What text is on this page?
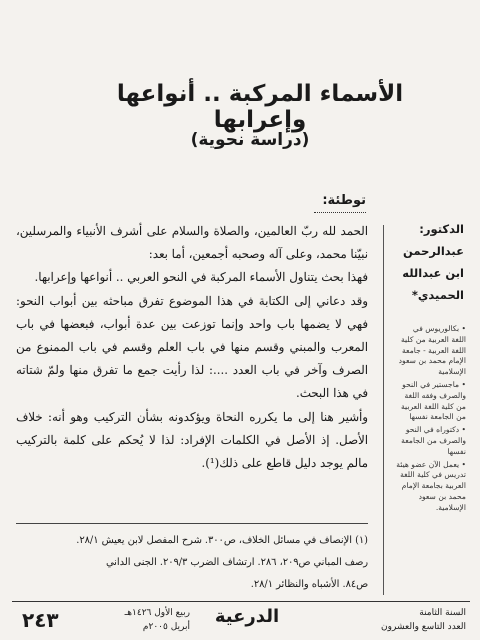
الأسماء المركبة .. أنواعها وإعرابها
(دراسة نحوية)
الدكتور:
عبدالرحمن
ابن عبدالله
الحميدي*
• بكالوريوس في اللغة العربية من كلية اللغة العربية - جامعة الإمام محمد بن سعود الإسلامية
• ماجستير في النحو والصرف وفقه اللغة من كلية اللغة العربية من الجامعة نفسها
• دكتوراه في النحو والصرف من الجامعة نفسها
• يعمل الآن عضو هيئة تدريس في كلية اللغة العربية بجامعة الإمام محمد بن سعود الإسلامية.
توطئة:

الحمد لله ربّ العالمين، والصلاة والسلام على أشرف الأنبياء والمرسلين، نبيّنا محمد، وعلى آله وصحبه أجمعين، أما بعد:

فهذا بحث يتناول الأسماء المركبة في النحو العربي .. أنواعها وإعرابها.

وقد دعاني إلى الكتابة في هذا الموضوع تفرق مباحثه بين أبواب النحو: فهي لا يضمها باب واحد وإنما توزعت بين عدة أبواب، فبعضها في باب المعرب والمبني وقسم منها في باب العلم وقسم في باب الممنوع من الصرف وآخر في باب العدد ....: لذا رأيت جمع ما تفرق منها ولمّ شتاته في هذا البحث.

وأشير هنا إلى ما يكرره النحاة ويؤكدونه بشأن التركيب وهو أنه: خلاف الأصل. إذ الأصل في الكلمات الإفراد: لذا لا يُحكم على كلمة بالتركيب مالم يوجد دليل قاطع على ذلك(¹).

(١) الإنصاف في مسائل الخلاف، ص٣٠٠. شرح المفصل لابن يعيش ٢٨/١.
رصف المباني ص٢٠٩، ٢٨٦. ارتشاف الضرب ٢٠٩/٣. الجنى الداني
ص٨٤. الأشباه والنظائر ٢٨/١.
السنة الثامنة
العدد التاسع والعشرون
الدرعية
ربيع الأول ١٤٢٦هـ
أبريل ٢٠٠٥م
٢٤٣
